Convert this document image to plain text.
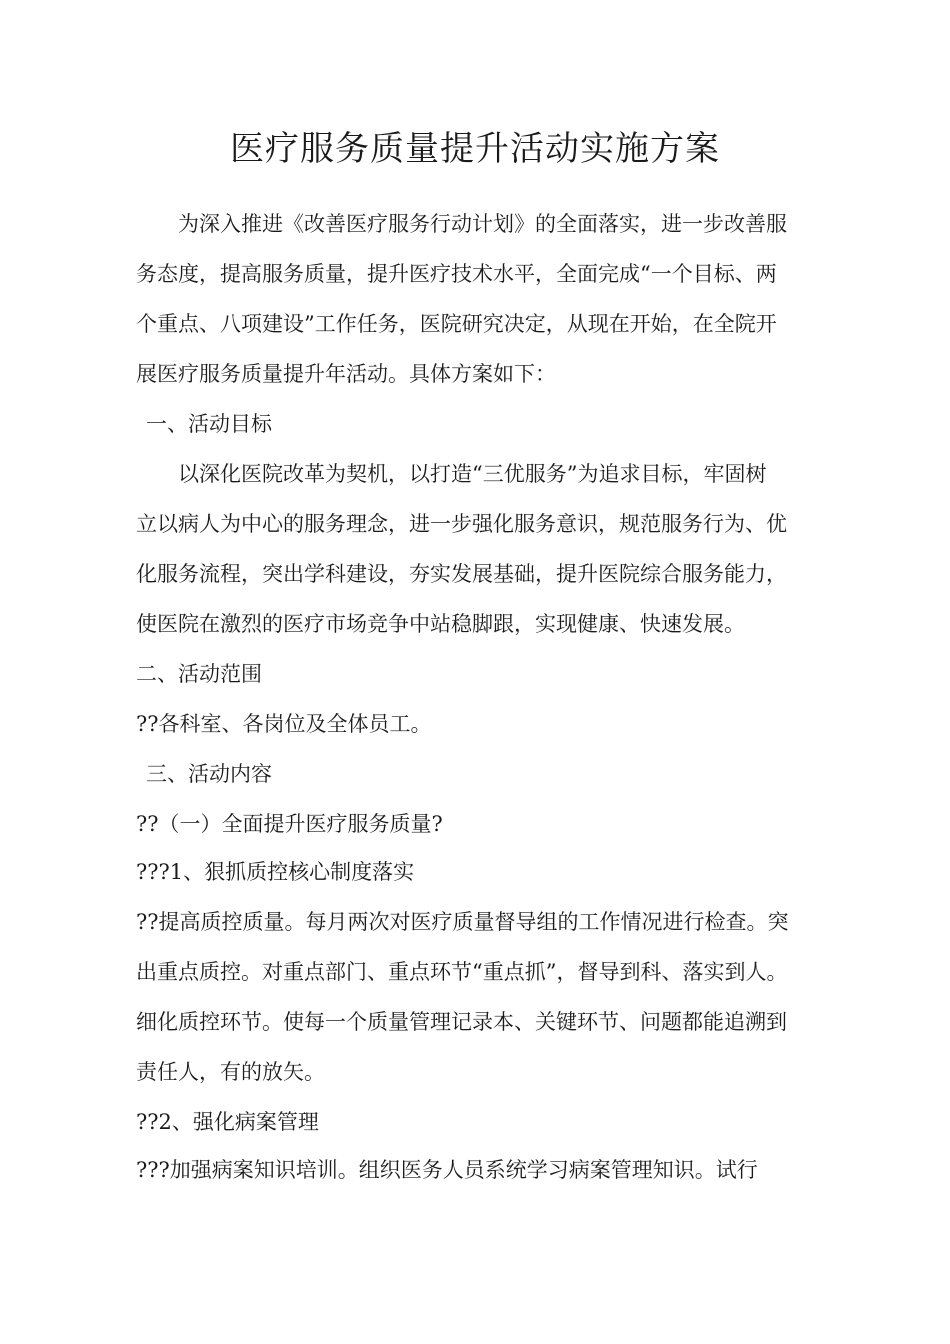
医疗服务质量提升活动实施方案
为深入推进《改善医疗服务行动计划》的全面落实，进一步改善服
务态度，提高服务质量，提升医疗技术水平，全面完成“一个目标、两
个重点、八项建设”工作任务，医院研究决定，从现在开始，在全院开
展医疗服务质量提升年活动。具体方案如下：
一、活动目标
以深化医院改革为契机，以打造“三优服务”为追求目标，牢固树
立以病人为中心的服务理念，进一步强化服务意识，规范服务行为、优
化服务流程，突出学科建设，夯实发展基础，提升医院综合服务能力，
使医院在激烈的医疗市场竞争中站稳脚跟，实现健康、快速发展。
二、活动范围
??各科室、各岗位及全体员工。
三、活动内容
??（一）全面提升医疗服务质量?
???1、狠抓质控核心制度落实
??提高质控质量。每月两次对医疗质量督导组的工作情况进行检查。突
出重点质控。对重点部门、重点环节“重点抓”，督导到科、落实到人。
细化质控环节。使每一个质量管理记录本、关键环节、问题都能追溯到
责任人，有的放矢。
??2、强化病案管理
???加强病案知识培训。组织医务人员系统学习病案管理知识。试行
